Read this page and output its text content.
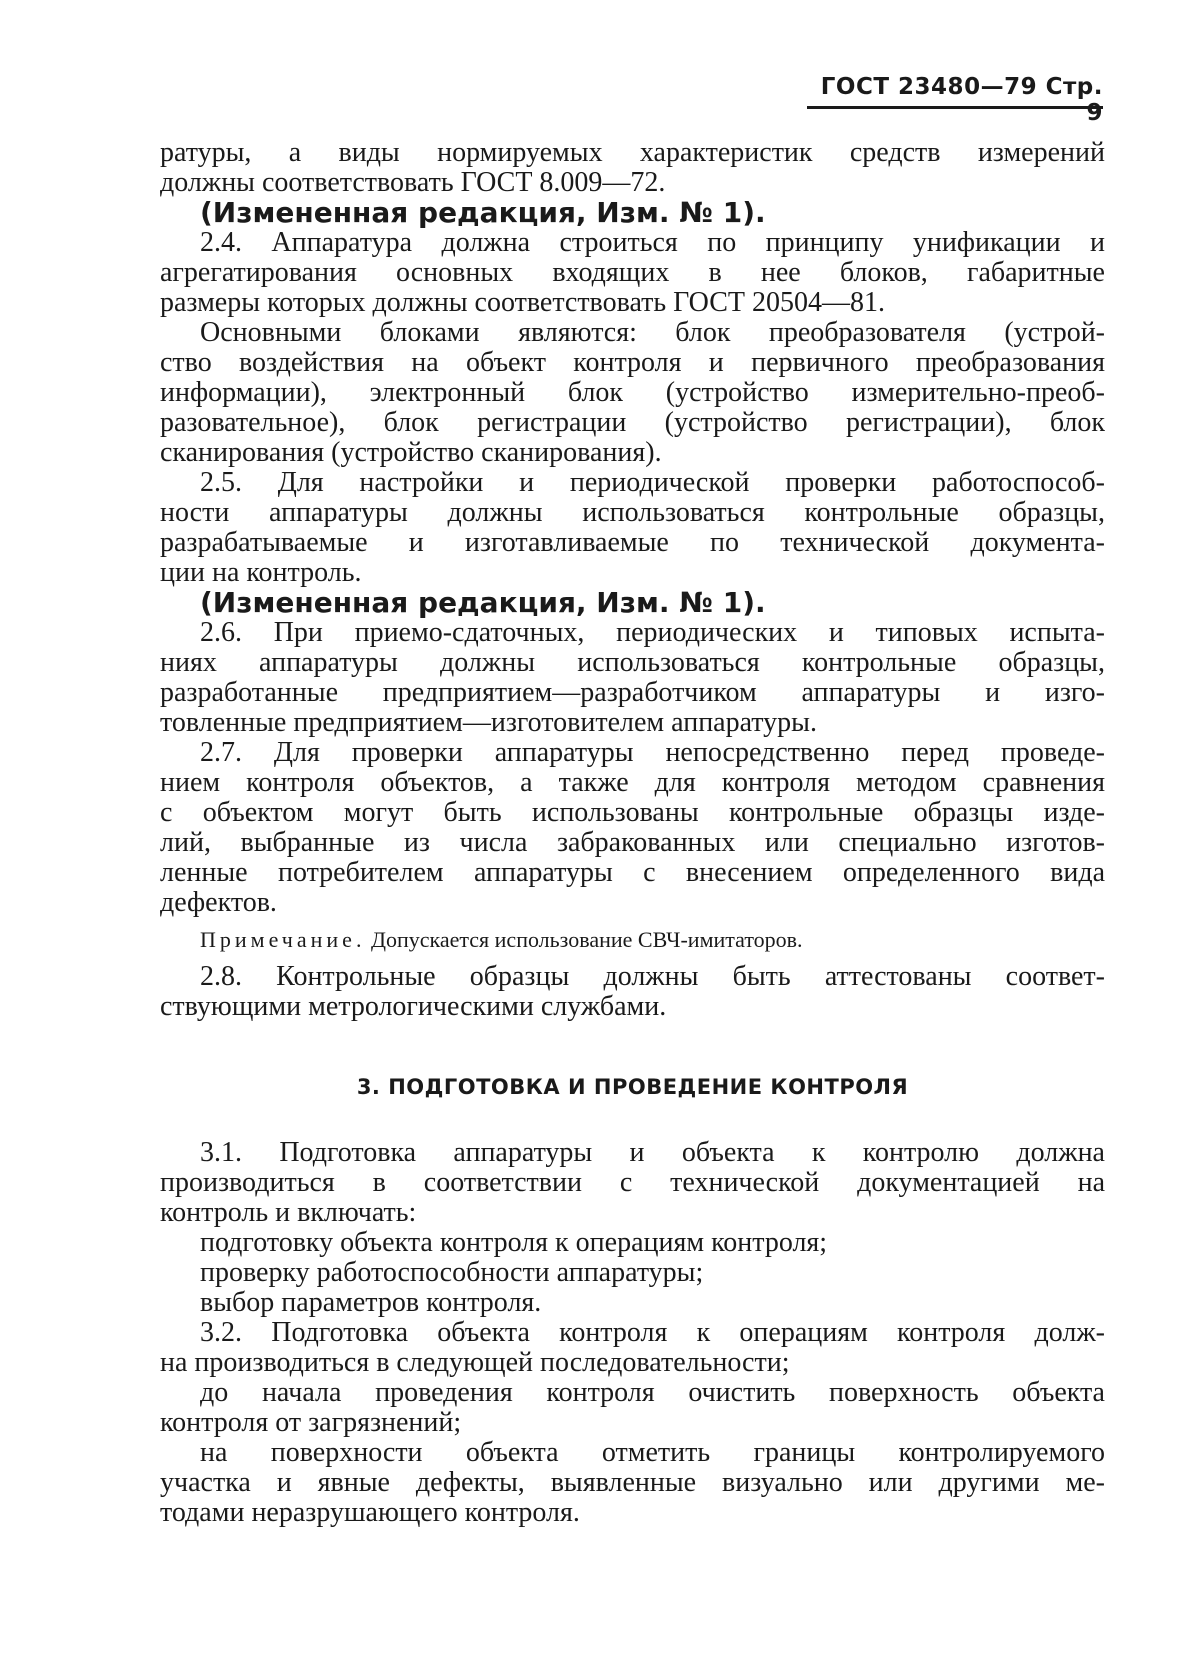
ГОСТ 23480—79 Стр. 9

ратуры, а виды нормируемых характеристик средств измерений

должны соответствовать ГОСТ 8.009—72.

(Измененная редакция, Изм. № 1).

2.4. Аппаратура должна строиться по принципу унификации и

агрегатирования основных входящих в нее блоков, габаритные

размеры которых должны соответствовать ГОСТ 20504—81.

Основными блоками являются: блок преобразователя (устрой-

ство воздействия на объект контроля и первичного преобразования

информации), электронный блок (устройство измерительно-преоб-

разовательное), блок регистрации (устройство регистрации), блок

сканирования (устройство сканирования).

2.5. Для настройки и периодической проверки работоспособ-

ности аппаратуры должны использоваться контрольные образцы,

разрабатываемые и изготавливаемые по технической документа-

ции на контроль.

(Измененная редакция, Изм. № 1).

2.6. При приемо-сдаточных, периодических и типовых испыта-

ниях аппаратуры должны использоваться контрольные образцы,

разработанные предприятием—разработчиком аппаратуры и изго-

товленные предприятием—изготовителем аппаратуры.

2.7. Для проверки аппаратуры непосредственно перед проведе-

нием контроля объектов, а также для контроля методом сравнения

с объектом могут быть использованы контрольные образцы изде-

лий, выбранные из числа забракованных или специально изготов-

ленные потребителем аппаратуры с внесением определенного вида

дефектов.

Примечание. Допускается использование СВЧ-имитаторов.

2.8. Контрольные образцы должны быть аттестованы соответ-

ствующими метрологическими службами.

3. ПОДГОТОВКА И ПРОВЕДЕНИЕ КОНТРОЛЯ

3.1. Подготовка аппаратуры и объекта к контролю должна

производиться в соответствии с технической документацией на

контроль и включать:

подготовку объекта контроля к операциям контроля;

проверку работоспособности аппаратуры;

выбор параметров контроля.

3.2. Подготовка объекта контроля к операциям контроля долж-

на производиться в следующей последовательности;

до начала проведения контроля очистить поверхность объекта

контроля от загрязнений;

на поверхности объекта отметить границы контролируемого

участка и явные дефекты, выявленные визуально или другими ме-

тодами неразрушающего контроля.
